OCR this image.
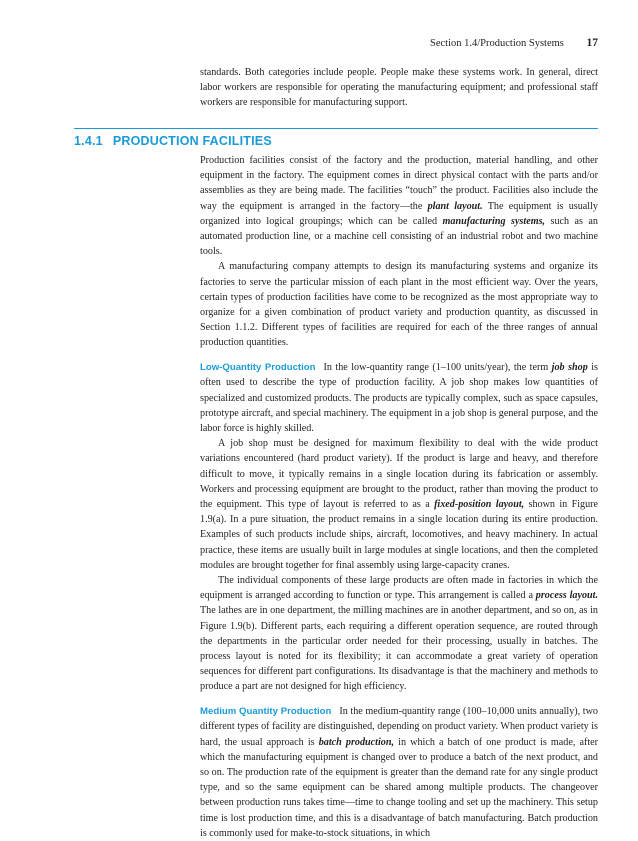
Section 1.4/Production Systems 17

standards. Both categories include people. People make these systems work. In general, direct labor workers are responsible for operating the manufacturing equipment; and professional staff workers are responsible for manufacturing support.

1.4.1 PRODUCTION FACILITIES

Production facilities consist of the factory and the production, material handling, and other equipment in the factory. The equipment comes in direct physical contact with the parts and/or assemblies as they are being made. The facilities “touch” the product. Facilities also include the way the equipment is arranged in the factory—the plant layout. The equipment is usually organized into logical groupings; which can be called manufacturing systems, such as an automated production line, or a machine cell consisting of an industrial robot and two machine tools.

A manufacturing company attempts to design its manufacturing systems and organize its factories to serve the particular mission of each plant in the most efficient way. Over the years, certain types of production facilities have come to be recognized as the most appropriate way to organize for a given combination of product variety and production quantity, as discussed in Section 1.1.2. Different types of facilities are required for each of the three ranges of annual production quantities.

Low-Quantity Production In the low-quantity range (1–100 units/year), the term job shop is often used to describe the type of production facility. A job shop makes low quantities of specialized and customized products. The products are typically complex, such as space capsules, prototype aircraft, and special machinery. The equipment in a job shop is general purpose, and the labor force is highly skilled.

A job shop must be designed for maximum flexibility to deal with the wide product variations encountered (hard product variety). If the product is large and heavy, and therefore difficult to move, it typically remains in a single location during its fabrication or assembly. Workers and processing equipment are brought to the product, rather than moving the product to the equipment. This type of layout is referred to as a fixed-position layout, shown in Figure 1.9(a). In a pure situation, the product remains in a single location during its entire production. Examples of such products include ships, aircraft, locomotives, and heavy machinery. In actual practice, these items are usually built in large modules at single locations, and then the completed modules are brought together for final assembly using large-capacity cranes.

The individual components of these large products are often made in factories in which the equipment is arranged according to function or type. This arrangement is called a process layout. The lathes are in one department, the milling machines are in another department, and so on, as in Figure 1.9(b). Different parts, each requiring a different operation sequence, are routed through the departments in the particular order needed for their processing, usually in batches. The process layout is noted for its flexibility; it can accommodate a great variety of operation sequences for different part configurations. Its disadvantage is that the machinery and methods to produce a part are not designed for high efficiency.

Medium Quantity Production In the medium-quantity range (100–10,000 units annually), two different types of facility are distinguished, depending on product variety. When product variety is hard, the usual approach is batch production, in which a batch of one product is made, after which the manufacturing equipment is changed over to produce a batch of the next product, and so on. The production rate of the equipment is greater than the demand rate for any single product type, and so the same equipment can be shared among multiple products. The changeover between production runs takes time—time to change tooling and set up the machinery. This setup time is lost production time, and this is a disadvantage of batch manufacturing. Batch production is commonly used for make-to-stock situations, in which
